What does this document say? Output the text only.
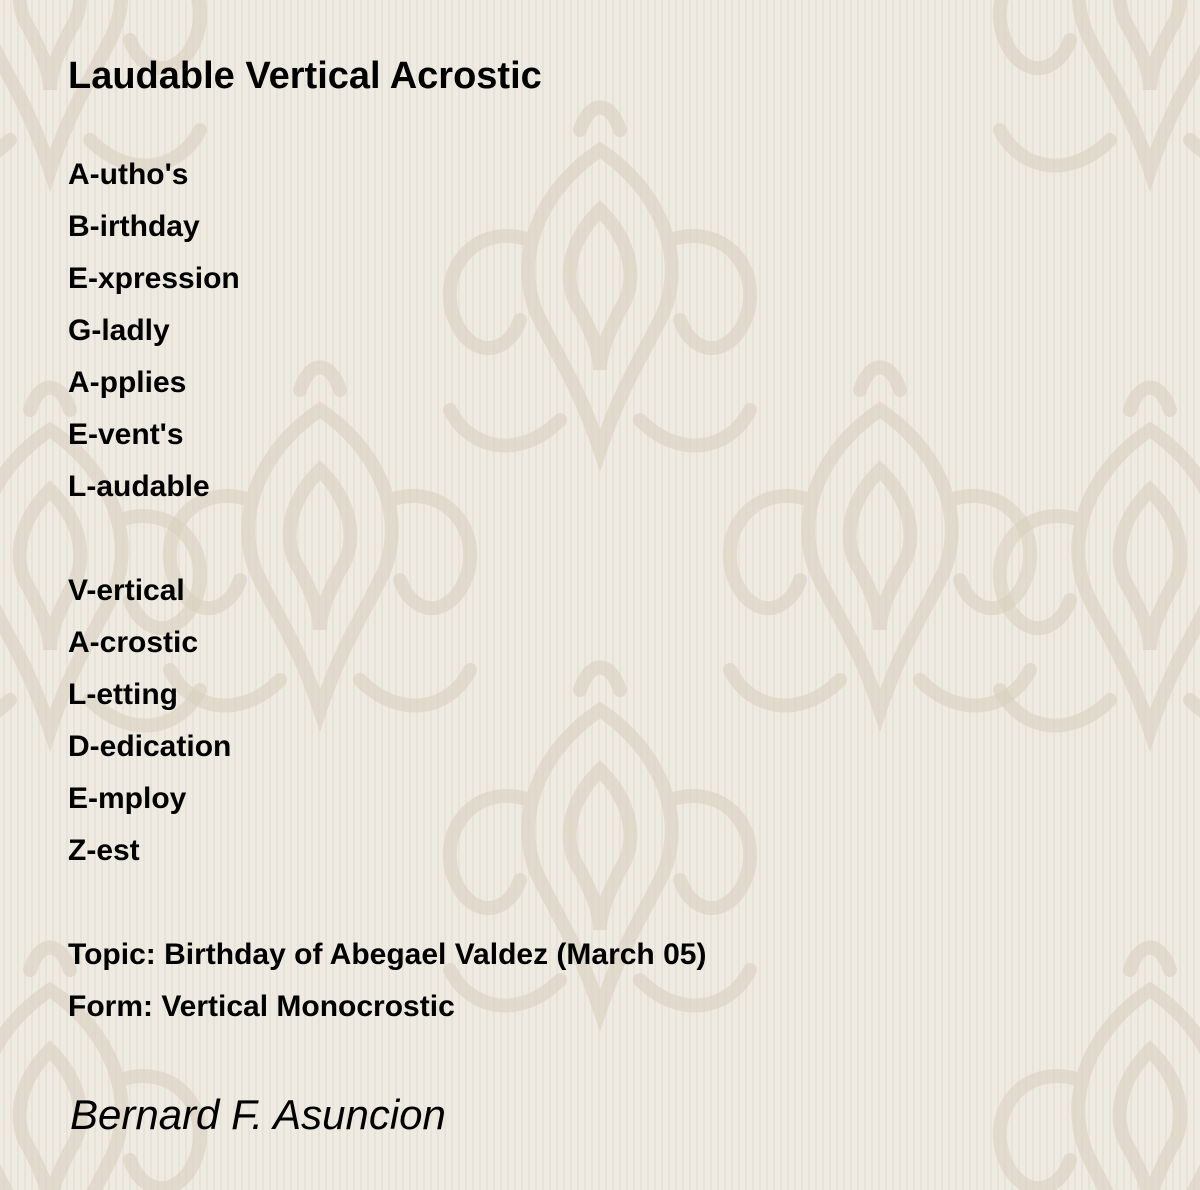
Laudable Vertical Acrostic
A-utho's
B-irthday
E-xpression
G-ladly
A-pplies
E-vent's
L-audable
V-ertical
A-crostic
L-etting
D-edication
E-mploy
Z-est
Topic: Birthday of Abegael Valdez (March 05)
Form: Vertical Monocrostic

Bernard F. Asuncion
